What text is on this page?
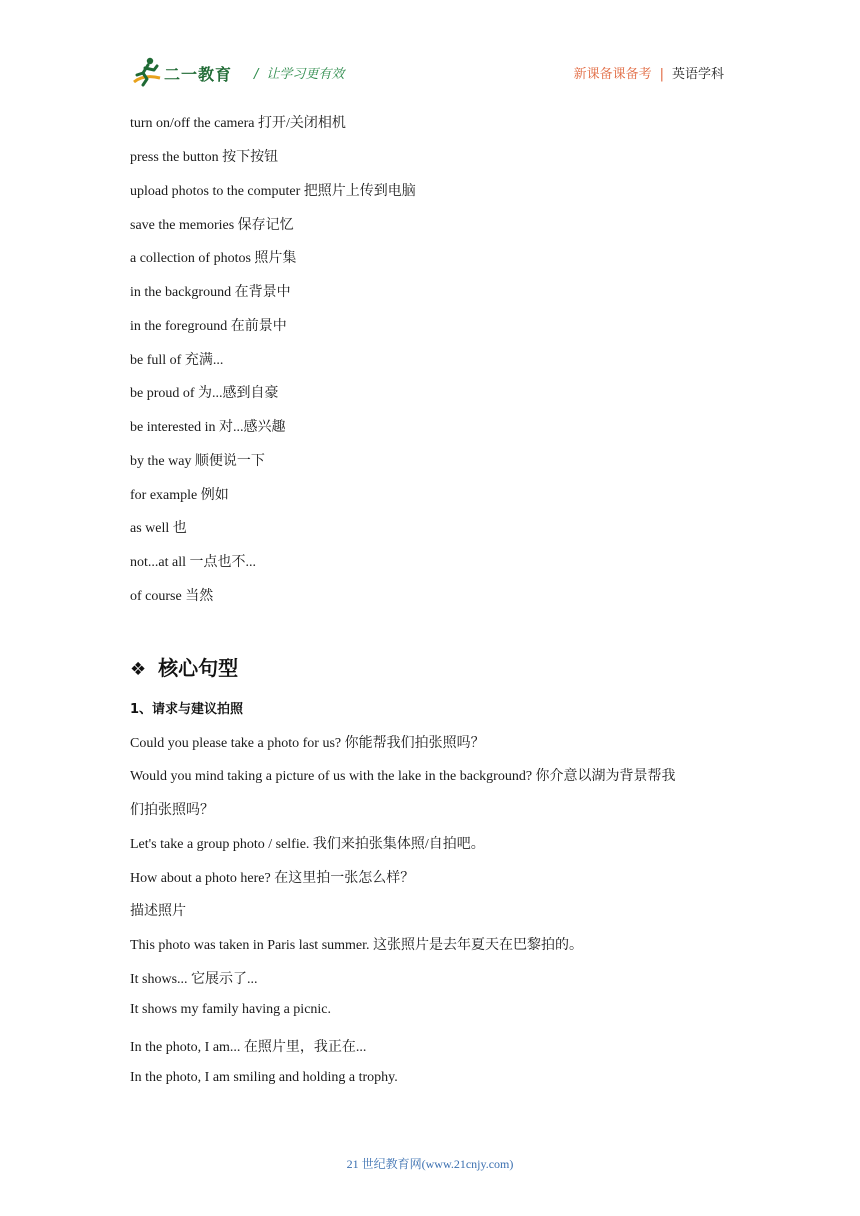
二一教育 / 让学习更有效	新课备课备考 | 英语学科
turn on/off the camera 打开/关闭相机
press the button 按下按钮
upload photos to the computer 把照片上传到电脑
save the memories 保存记忆
a collection of photos 照片集
in the background 在背景中
in the foreground 在前景中
be full of 充满...
be proud of 为...感到自豪
be interested in 对...感兴趣
by the way 顺便说一下
for example 例如
as well 也
not...at all 一点也不...
of course 当然
❖ 核心句型
1、请求与建议拍照
Could you please take a photo for us? 你能帮我们拍张照吗？
Would you mind taking a picture of us with the lake in the background? 你介意以湖为背景帮我
们拍张照吗？
Let's take a group photo / selfie. 我们来拍张集体照/自拍吧。
How about a photo here? 在这里拍一张怎么样？
描述照片
This photo was taken in Paris last summer. 这张照片是去年夏天在巴黎拍的。
It shows... 它展示了...
It shows my family having a picnic.
In the photo, I am... 在照片里，我正在...
In the photo, I am smiling and holding a trophy.
21 世纪教育网(www.21cnjy.com)
